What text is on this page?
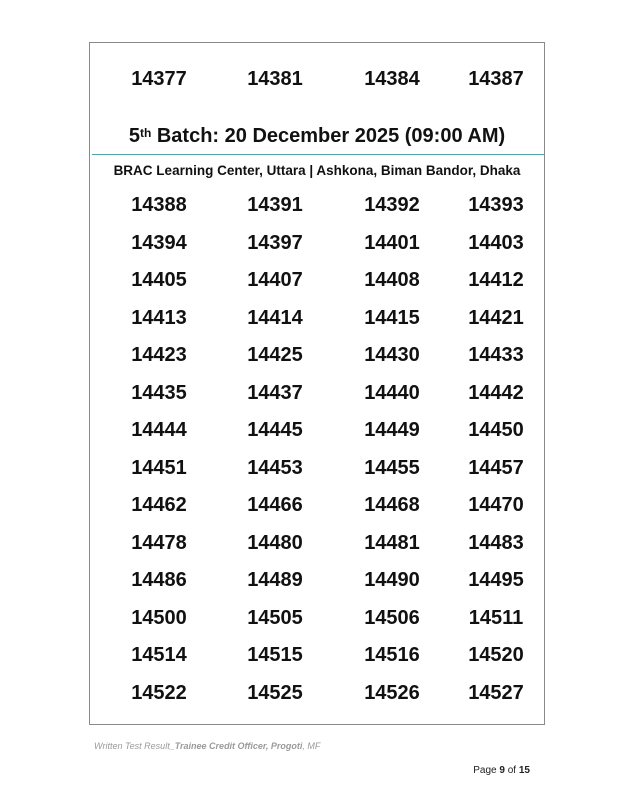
14377	14381	14384	14387
5th Batch: 20 December 2025 (09:00 AM)
BRAC Learning Center, Uttara | Ashkona, Biman Bandor, Dhaka
14388	14391	14392	14393
14394	14397	14401	14403
14405	14407	14408	14412
14413	14414	14415	14421
14423	14425	14430	14433
14435	14437	14440	14442
14444	14445	14449	14450
14451	14453	14455	14457
14462	14466	14468	14470
14478	14480	14481	14483
14486	14489	14490	14495
14500	14505	14506	14511
14514	14515	14516	14520
14522	14525	14526	14527
Written Test Result_Trainee Credit Officer, Progoti, MF
Page 9 of 15
